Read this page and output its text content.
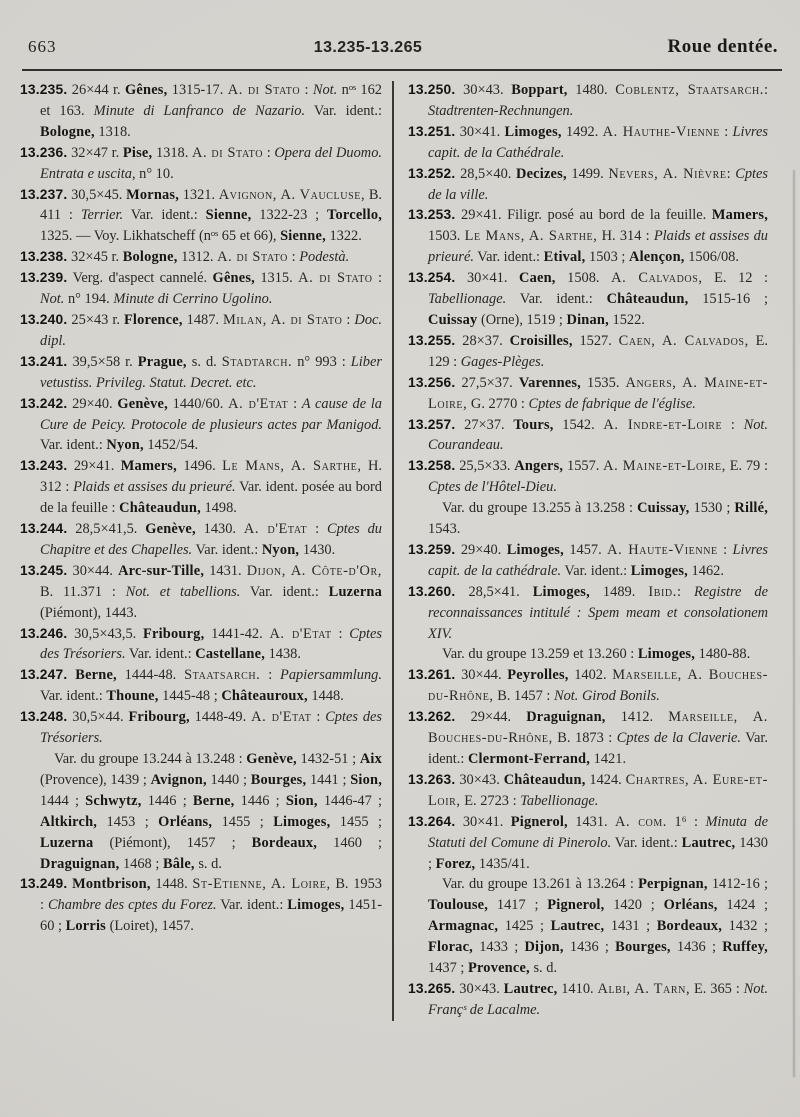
663	13.235-13.265	Roue dentée.

13.235. 26×44 r. Gênes, 1315-17. A. di Stato : Not. nᵒˢ 162 et 163. Minute di Lanfranco de Nazario. Var. ident.: Bologne, 1318.

13.236. 32×47 r. Pise, 1318. A. di Stato : Opera del Duomo. Entrata e uscita, n° 10.

13.237. 30,5×45. Mornas, 1321. Avignon, A. Vaucluse, B. 411 : Terrier. Var. ident.: Sienne, 1322-23 ; Torcello, 1325. — Voy. Likhatscheff (nᵒˢ 65 et 66), Sienne, 1322.

13.238. 32×45 r. Bologne, 1312. A. di Stato : Podestà.

13.239. Verg. d'aspect cannelé. Gênes, 1315. A. di Stato : Not. n° 194. Minute di Cerrino Ugolino.

13.240. 25×43 r. Florence, 1487. Milan, A. di Stato : Doc. dipl.

13.241. 39,5×58 r. Prague, s. d. Stadtarch. n° 993 : Liber vetustiss. Privileg. Statut. Decret. etc.

13.242. 29×40. Genève, 1440/60. A. d'Etat : A cause de la Cure de Peicy. Protocole de plusieurs actes par Manigod. Var. ident.: Nyon, 1452/54.

13.243. 29×41. Mamers, 1496. Le Mans, A. Sarthe, H. 312 : Plaids et assises du prieuré. Var. ident. posée au bord de la feuille : Châteaudun, 1498.

13.244. 28,5×41,5. Genève, 1430. A. d'Etat : Cptes du Chapitre et des Chapelles. Var. ident.: Nyon, 1430.

13.245. 30×44. Arc-sur-Tille, 1431. Dijon, A. Côte-d'Or, B. 11.371 : Not. et tabellions. Var. ident.: Luzerna (Piémont), 1443.

13.246. 30,5×43,5. Fribourg, 1441-42. A. d'Etat : Cptes des Trésoriers. Var. ident.: Castellane, 1438.

13.247. Berne, 1444-48. Staatsarch. : Papiersammlung. Var. ident.: Thoune, 1445-48 ; Châteauroux, 1448.

13.248. 30,5×44. Fribourg, 1448-49. A. d'Etat : Cptes des Trésoriers.

Var. du groupe 13.244 à 13.248 : Genève, 1432-51 ; Aix (Provence), 1439 ; Avignon, 1440 ; Bourges, 1441 ; Sion, 1444 ; Schwytz, 1446 ; Berne, 1446 ; Sion, 1446-47 ; Altkirch, 1453 ; Orléans, 1455 ; Limoges, 1455 ; Luzerna (Piémont), 1457 ; Bordeaux, 1460 ; Draguignan, 1468 ; Bâle, s. d.

13.249. Montbrison, 1448. St-Etienne, A. Loire, B. 1953 : Chambre des cptes du Forez. Var. ident.: Limoges, 1451-60 ; Lorris (Loiret), 1457.

13.250. 30×43. Boppart, 1480. Coblentz, Staatsarch.: Stadtrenten-Rechnungen.

13.251. 30×41. Limoges, 1492. A. Hauthe-Vienne : Livres capit. de la Cathédrale.

13.252. 28,5×40. Decizes, 1499. Nevers, A. Nièvre: Cptes de la ville.

13.253. 29×41. Filigr. posé au bord de la feuille. Mamers, 1503. Le Mans, A. Sarthe, H. 314 : Plaids et assises du prieuré. Var. ident.: Etival, 1503 ; Alençon, 1506/08.

13.254. 30×41. Caen, 1508. A. Calvados, E. 12 : Tabellionage. Var. ident.: Châteaudun, 1515-16 ; Cuissay (Orne), 1519 ; Dinan, 1522.

13.255. 28×37. Croisilles, 1527. Caen, A. Calvados, E. 129 : Gages-Plèges.

13.256. 27,5×37. Varennes, 1535. Angers, A. Maine-et-Loire, G. 2770 : Cptes de fabrique de l'église.

13.257. 27×37. Tours, 1542. A. Indre-et-Loire : Not. Courandeau.

13.258. 25,5×33. Angers, 1557. A. Maine-et-Loire, E. 79 : Cptes de l'Hôtel-Dieu.

Var. du groupe 13.255 à 13.258 : Cuissay, 1530 ; Rillé, 1543.

13.259. 29×40. Limoges, 1457. A. Haute-Vienne : Livres capit. de la cathédrale. Var. ident.: Limoges, 1462.

13.260. 28,5×41. Limoges, 1489. Ibid.: Registre de reconnaissances intitulé : Spem meam et consolationem XIV.

Var. du groupe 13.259 et 13.260 : Limoges, 1480-88.

13.261. 30×44. Peyrolles, 1402. Marseille, A. Bouches-du-Rhône, B. 1457 : Not. Girod Bonils.

13.262. 29×44. Draguignan, 1412. Marseille, A. Bouches-du-Rhône, B. 1873 : Cptes de la Claverie. Var. ident.: Clermont-Ferrand, 1421.

13.263. 30×43. Châteaudun, 1424. Chartres, A. Eure-et-Loir, E. 2723 : Tabellionage.

13.264. 30×41. Pignerol, 1431. A. com. 1⁶ : Minuta de Statuti del Comune di Pinerolo. Var. ident.: Lautrec, 1430 ; Forez, 1435/41.

Var. du groupe 13.261 à 13.264 : Perpignan, 1412-16 ; Toulouse, 1417 ; Pignerol, 1420 ; Orléans, 1424 ; Armagnac, 1425 ; Lautrec, 1431 ; Bordeaux, 1432 ; Florac, 1433 ; Dijon, 1436 ; Bourges, 1436 ; Ruffey, 1437 ; Provence, s. d.

13.265. 30×43. Lautrec, 1410. Albi, A. Tarn, E. 365 : Not. Françˢ de Lacalme.
